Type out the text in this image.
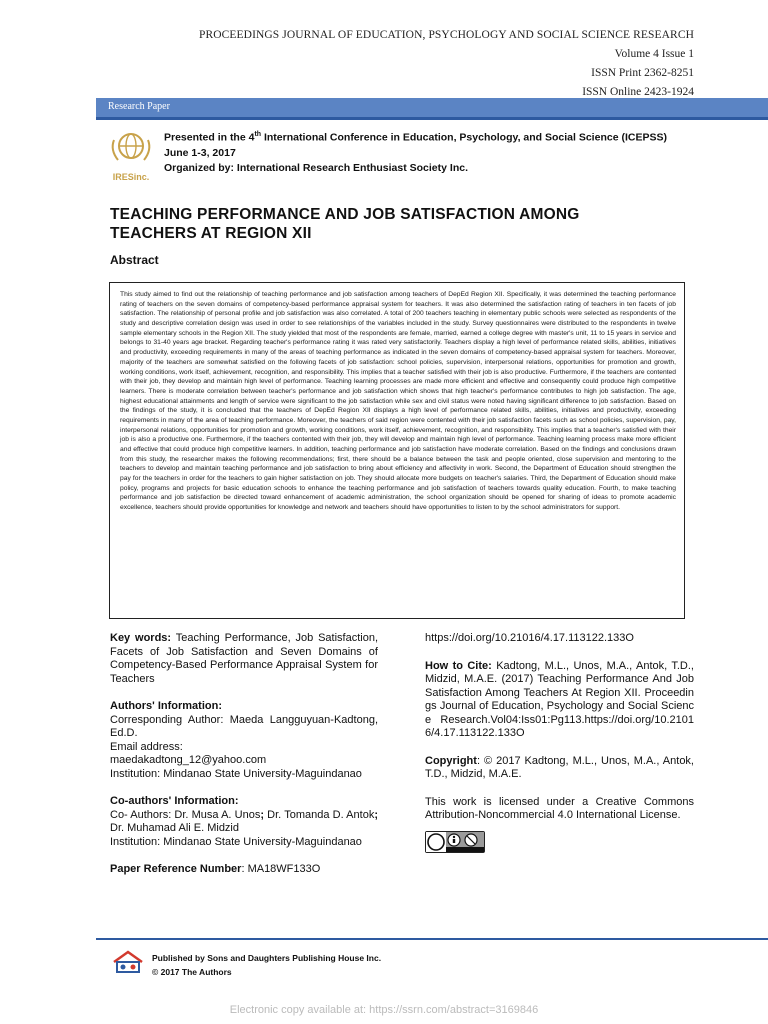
PROCEEDINGS JOURNAL OF EDUCATION, PSYCHOLOGY AND SOCIAL SCIENCE RESEARCH
Volume 4 Issue 1
ISSN Print 2362-8251
ISSN Online 2423-1924
Research Paper
IRESinc.
Presented in the 4th International Conference in Education, Psychology, and Social Science (ICEPSS)
June 1-3, 2017
Organized by: International Research Enthusiast Society Inc.
TEACHING PERFORMANCE AND JOB SATISFACTION AMONG TEACHERS AT REGION XII
Abstract

This study aimed to find out the relationship of teaching performance and job satisfaction among teachers of DepEd Region XII. Specifically, it was determined the teaching performance rating of teachers on the seven domains of competency-based performance appraisal system for teachers. It was also determined the satisfaction rating of teachers in ten facets of job satisfaction. The relationship of personal profile and job satisfaction was also correlated. A total of 200 teachers teaching in elementary public schools were selected as respondents of the study and descriptive correlation design was used in order to see relationships of the variables included in the study. Survey questionnaires were distributed to the respondents in twelve sample elementary schools in the Region XII. The study yielded that most of the respondents are female, married, earned a college degree with master's unit, 11 to 15 years in service and belongs to 31-40 years age bracket. Regarding teacher's performance rating it was rated very satisfactorily. Teachers display a high level of performance related skills, abilities, initiatives and productivity, exceeding requirements in many of the areas of teaching performance as indicated in the seven domains of competency-based appraisal system for teachers. Moreover, majority of the teachers are somewhat satisfied on the following facets of job satisfaction: school policies, supervision, interpersonal relations, opportunities for promotion and growth, working conditions, work itself, achievement, recognition, and responsibility. This implies that a teacher satisfied with their job is also productive. Furthermore, if the teachers are contented with their job, they develop and maintain high level of performance. Teaching learning processes are made more efficient and effective and consequently could produce high competitive learners. There is moderate correlation between teacher's performance and job satisfaction which shows that high teacher's performance contributes to high job satisfaction. The age, highest educational attainments and length of service were significant to the job satisfaction while sex and civil status were noted having significant difference to job satisfaction. Based on the findings of the study, it is concluded that the teachers of DepEd Region XII displays a high level of performance related skills, abilities, initiatives and productivity, exceeding requirements in many of the area of teaching performance. Moreover, the teachers of said region were contented with their job satisfaction facets such as school policies, supervision, pay, interpersonal relations, opportunities for promotion and growth, working conditions, work itself, achievement, recognition, and responsibility. This implies that a teacher's satisfied with their job is also a productive one. Furthermore, if the teachers contented with their job, they will develop and maintain high level of performance. Teaching learning process make more efficient and effective that could produce high competitive learners. In addition, teaching performance and job satisfaction have moderate correlation. Based on the findings and conclusions drawn from this study, the researcher makes the following recommendations; first, there should be a balance between the task and people oriented, close supervision and mentoring to the teachers to develop and maintain teaching performance and job satisfaction to bring about efficiency and affectivity in work. Second, the Department of Education should strengthen the pay for the teachers in order for the teachers to gain higher satisfaction on job. They should allocate more budgets on teacher's salaries. Third, the Department of Education should make policy, programs and projects for basic education schools to enhance the teaching performance and job satisfaction of teachers towards quality education. Fourth, to make teaching performance and job satisfaction be directed toward enhancement of academic administration, the school organization should be opened for sharing of ideas to promote academic excellence, teachers should provide opportunities for knowledge and network and teachers should have opportunities to listen to by the school administrators for support.

Key words: Teaching Performance, Job Satisfaction, Facets of Job Satisfaction and Seven Domains of Competency-Based Performance Appraisal System for Teachers
Authors' Information:
Corresponding Author: Maeda Langguyuan-Kadtong, Ed.D.
Email address:
maedakadtong_12@yahoo.com
Institution: Mindanao State University-Maguindanao
Co-authors' Information:
Co- Authors: Dr. Musa A. Unos; Dr. Tomanda D. Antok; Dr. Muhamad Ali E. Midzid
Institution: Mindanao State University-Maguindanao
Paper Reference Number: MA18WF133O
https://doi.org/10.21016/4.17.113122.133O
How to Cite: Kadtong, M.L., Unos, M.A., Antok, T.D., Midzid, M.A.E. (2017) Teaching Performance And Job Satisfaction Among Teachers At Region XII. Proceedings Journal of Education, Psychology and Social Science Research.Vol04:Iss01:Pg113.https://doi.org/10.21016/4.17.113122.133O
Copyright: © 2017 Kadtong, M.L., Unos, M.A., Antok, T.D., Midzid, M.A.E.
This work is licensed under a Creative Commons Attribution-Noncommercial 4.0 International License.
Published by Sons and Daughters Publishing House Inc.
© 2017 The Authors
Electronic copy available at: https://ssrn.com/abstract=3169846
